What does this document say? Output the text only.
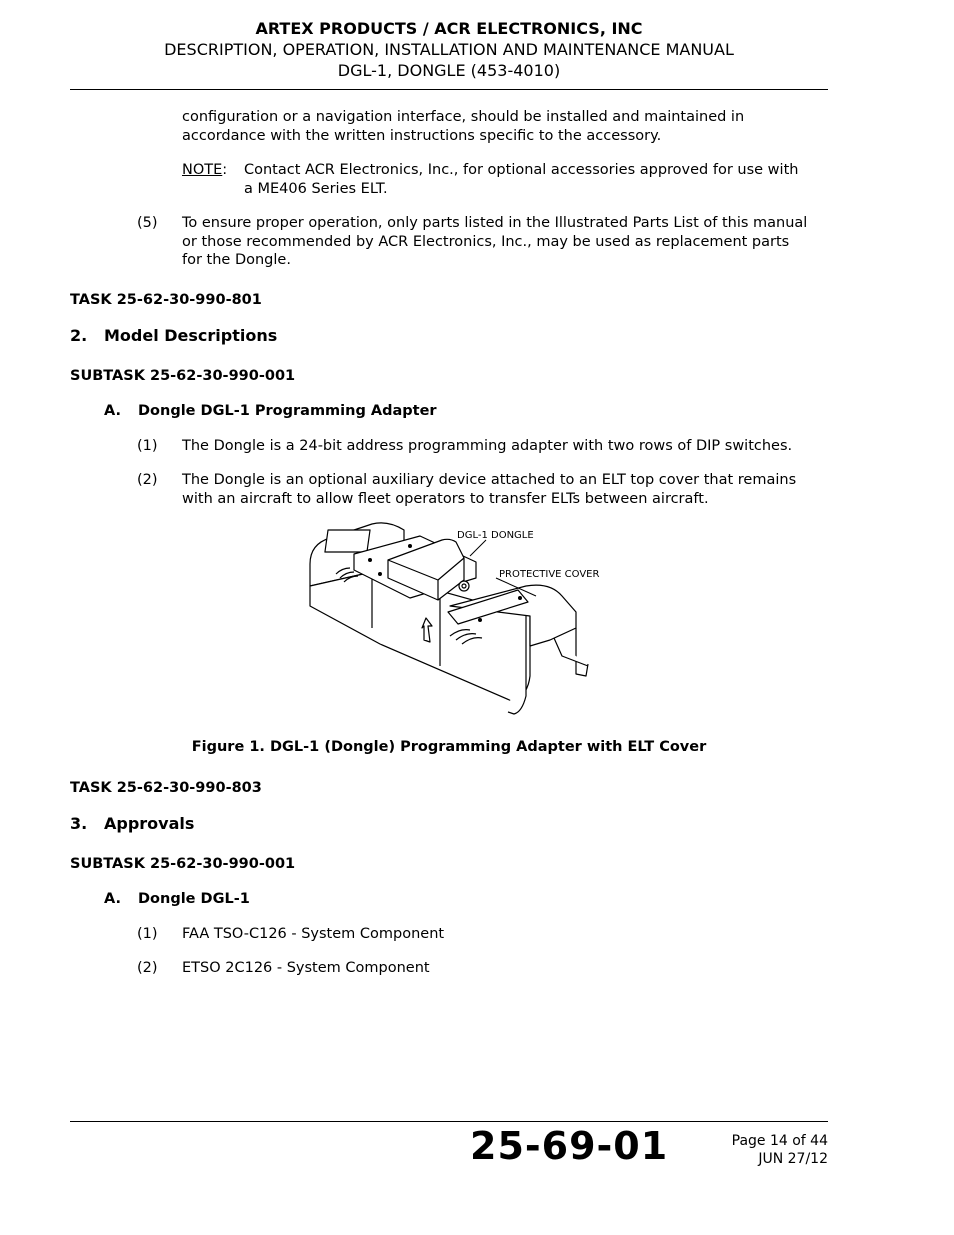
ARTEX PRODUCTS / ACR ELECTRONICS, INC
DESCRIPTION, OPERATION, INSTALLATION AND MAINTENANCE MANUAL
DGL-1, DONGLE (453-4010)
configuration or a navigation interface, should be installed and maintained in accordance with the written instructions specific to the accessory.
NOTE: Contact ACR Electronics, Inc., for optional accessories approved for use with a ME406 Series ELT.
(5) To ensure proper operation, only parts listed in the Illustrated Parts List of this manual or those recommended by ACR Electronics, Inc., may be used as replacement parts for the Dongle.
TASK 25-62-30-990-801
2. Model Descriptions
SUBTASK 25-62-30-990-001
A. Dongle DGL-1 Programming Adapter
(1) The Dongle is a 24-bit address programming adapter with two rows of DIP switches.
(2) The Dongle is an optional auxiliary device attached to an ELT top cover that remains with an aircraft to allow fleet operators to transfer ELTs between aircraft.
DGL-1 DONGLE
PROTECTIVE COVER
Figure 1. DGL-1 (Dongle) Programming Adapter with ELT Cover
TASK 25-62-30-990-803
3. Approvals
SUBTASK 25-62-30-990-001
A. Dongle DGL-1
(1) FAA TSO-C126 - System Component
(2) ETSO 2C126 - System Component
25-69-01	Page 14 of 44
JUN 27/12
